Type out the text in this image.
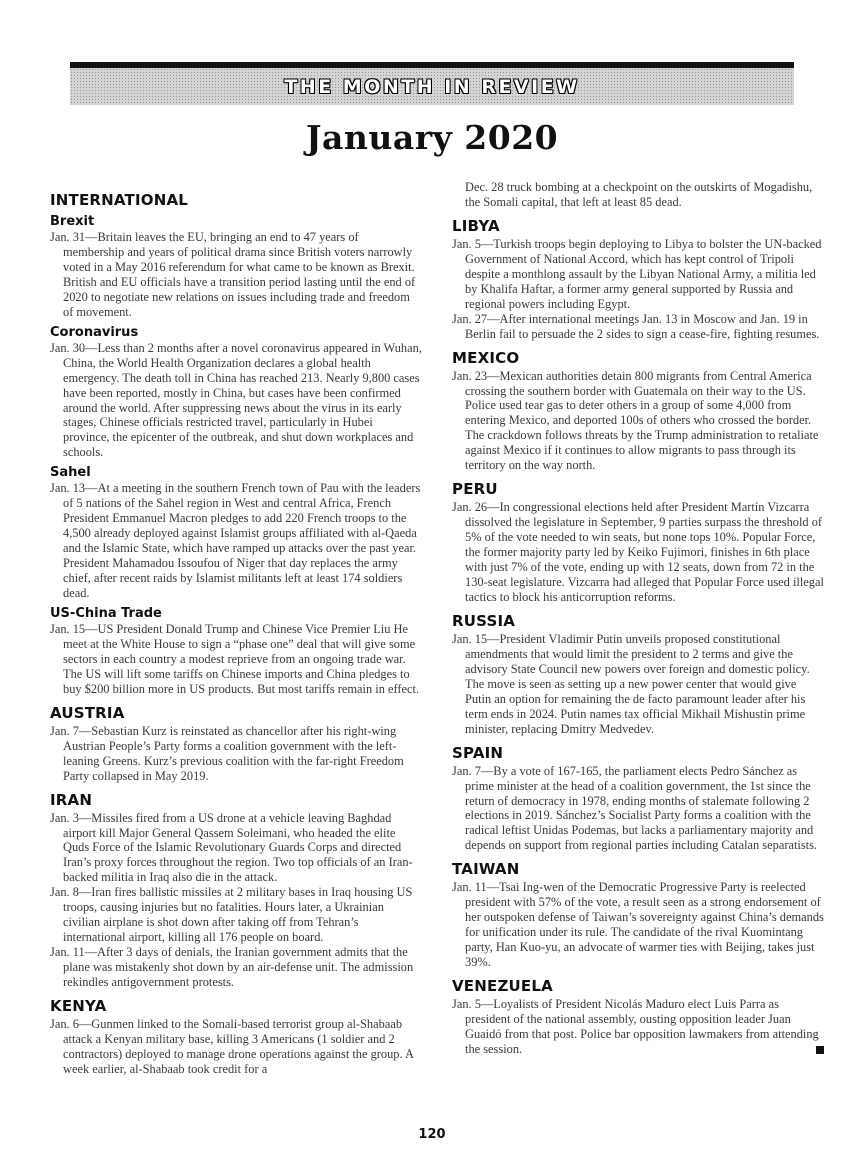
THE MONTH IN REVIEW
January 2020
INTERNATIONAL
Brexit

Jan. 31—Britain leaves the EU, bringing an end to 47 years of membership and years of political drama since British voters narrowly voted in a May 2016 referendum for what came to be known as Brexit. British and EU officials have a transition period lasting until the end of 2020 to negotiate new relations on issues including trade and freedom of movement.

Coronavirus

Jan. 30—Less than 2 months after a novel coronavirus appeared in Wuhan, China, the World Health Organization declares a global health emergency. The death toll in China has reached 213. Nearly 9,800 cases have been reported, mostly in China, but cases have been confirmed around the world. After suppressing news about the virus in its early stages, Chinese officials restricted travel, particularly in Hubei province, the epicenter of the outbreak, and shut down workplaces and schools.

Sahel

Jan. 13—At a meeting in the southern French town of Pau with the leaders of 5 nations of the Sahel region in West and central Africa, French President Emmanuel Macron pledges to add 220 French troops to the 4,500 already deployed against Islamist groups affiliated with al-Qaeda and the Islamic State, which have ramped up attacks over the past year. President Mahamadou Issoufou of Niger that day replaces the army chief, after recent raids by Islamist militants left at least 174 soldiers dead.

US-China Trade

Jan. 15—US President Donald Trump and Chinese Vice Premier Liu He meet at the White House to sign a “phase one” deal that will give some sectors in each country a modest reprieve from an ongoing trade war. The US will lift some tariffs on Chinese imports and China pledges to buy $200 billion more in US products. But most tariffs remain in effect.

AUSTRIA

Jan. 7—Sebastian Kurz is reinstated as chancellor after his right-wing Austrian People’s Party forms a coalition government with the left-leaning Greens. Kurz’s previous coalition with the far-right Freedom Party collapsed in May 2019.

IRAN

Jan. 3—Missiles fired from a US drone at a vehicle leaving Baghdad airport kill Major General Qassem Soleimani, who headed the elite Quds Force of the Islamic Revolutionary Guards Corps and directed Iran’s proxy forces throughout the region. Two top officials of an Iran-backed militia in Iraq also die in the attack.

Jan. 8—Iran fires ballistic missiles at 2 military bases in Iraq housing US troops, causing injuries but no fatalities. Hours later, a Ukrainian civilian airplane is shot down after taking off from Tehran’s international airport, killing all 176 people on board.

Jan. 11—After 3 days of denials, the Iranian government admits that the plane was mistakenly shot down by an air-defense unit. The admission rekindles antigovernment protests.

KENYA

Jan. 6—Gunmen linked to the Somali-based terrorist group al-Shabaab attack a Kenyan military base, killing 3 Americans (1 soldier and 2 contractors) deployed to manage drone operations against the group. A week earlier, al-Shabaab took credit for a

Dec. 28 truck bombing at a checkpoint on the outskirts of Mogadishu, the Somali capital, that left at least 85 dead.

LIBYA

Jan. 5—Turkish troops begin deploying to Libya to bolster the UN-backed Government of National Accord, which has kept control of Tripoli despite a monthlong assault by the Libyan National Army, a militia led by Khalifa Haftar, a former army general supported by Russia and regional powers including Egypt.

Jan. 27—After international meetings Jan. 13 in Moscow and Jan. 19 in Berlin fail to persuade the 2 sides to sign a cease-fire, fighting resumes.

MEXICO

Jan. 23—Mexican authorities detain 800 migrants from Central America crossing the southern border with Guatemala on their way to the US. Police used tear gas to deter others in a group of some 4,000 from entering Mexico, and deported 100s of others who crossed the border. The crackdown follows threats by the Trump administration to retaliate against Mexico if it continues to allow migrants to pass through its territory on the way north.

PERU

Jan. 26—In congressional elections held after President Martín Vizcarra dissolved the legislature in September, 9 parties surpass the threshold of 5% of the vote needed to win seats, but none tops 10%. Popular Force, the former majority party led by Keiko Fujimori, finishes in 6th place with just 7% of the vote, ending up with 12 seats, down from 72 in the 130-seat legislature. Vizcarra had alleged that Popular Force used illegal tactics to block his anticorruption reforms.

RUSSIA

Jan. 15—President Vladimir Putin unveils proposed constitutional amendments that would limit the president to 2 terms and give the advisory State Council new powers over foreign and domestic policy. The move is seen as setting up a new power center that would give Putin an option for remaining the de facto paramount leader after his term ends in 2024. Putin names tax official Mikhail Mishustin prime minister, replacing Dmitry Medvedev.

SPAIN

Jan. 7—By a vote of 167-165, the parliament elects Pedro Sánchez as prime minister at the head of a coalition government, the 1st since the return of democracy in 1978, ending months of stalemate following 2 elections in 2019. Sánchez’s Socialist Party forms a coalition with the radical leftist Unidas Podemas, but lacks a parliamentary majority and depends on support from regional parties including Catalan separatists.

TAIWAN

Jan. 11—Tsai Ing-wen of the Democratic Progressive Party is reelected president with 57% of the vote, a result seen as a strong endorsement of her outspoken defense of Taiwan’s sovereignty against China’s demands for unification under its rule. The candidate of the rival Kuomintang party, Han Kuo-yu, an advocate of warmer ties with Beijing, takes just 39%.

VENEZUELA

Jan. 5—Loyalists of President Nicolás Maduro elect Luis Parra as president of the national assembly, ousting opposition leader Juan Guaidó from that post. Police bar opposition lawmakers from attending the session.

120
